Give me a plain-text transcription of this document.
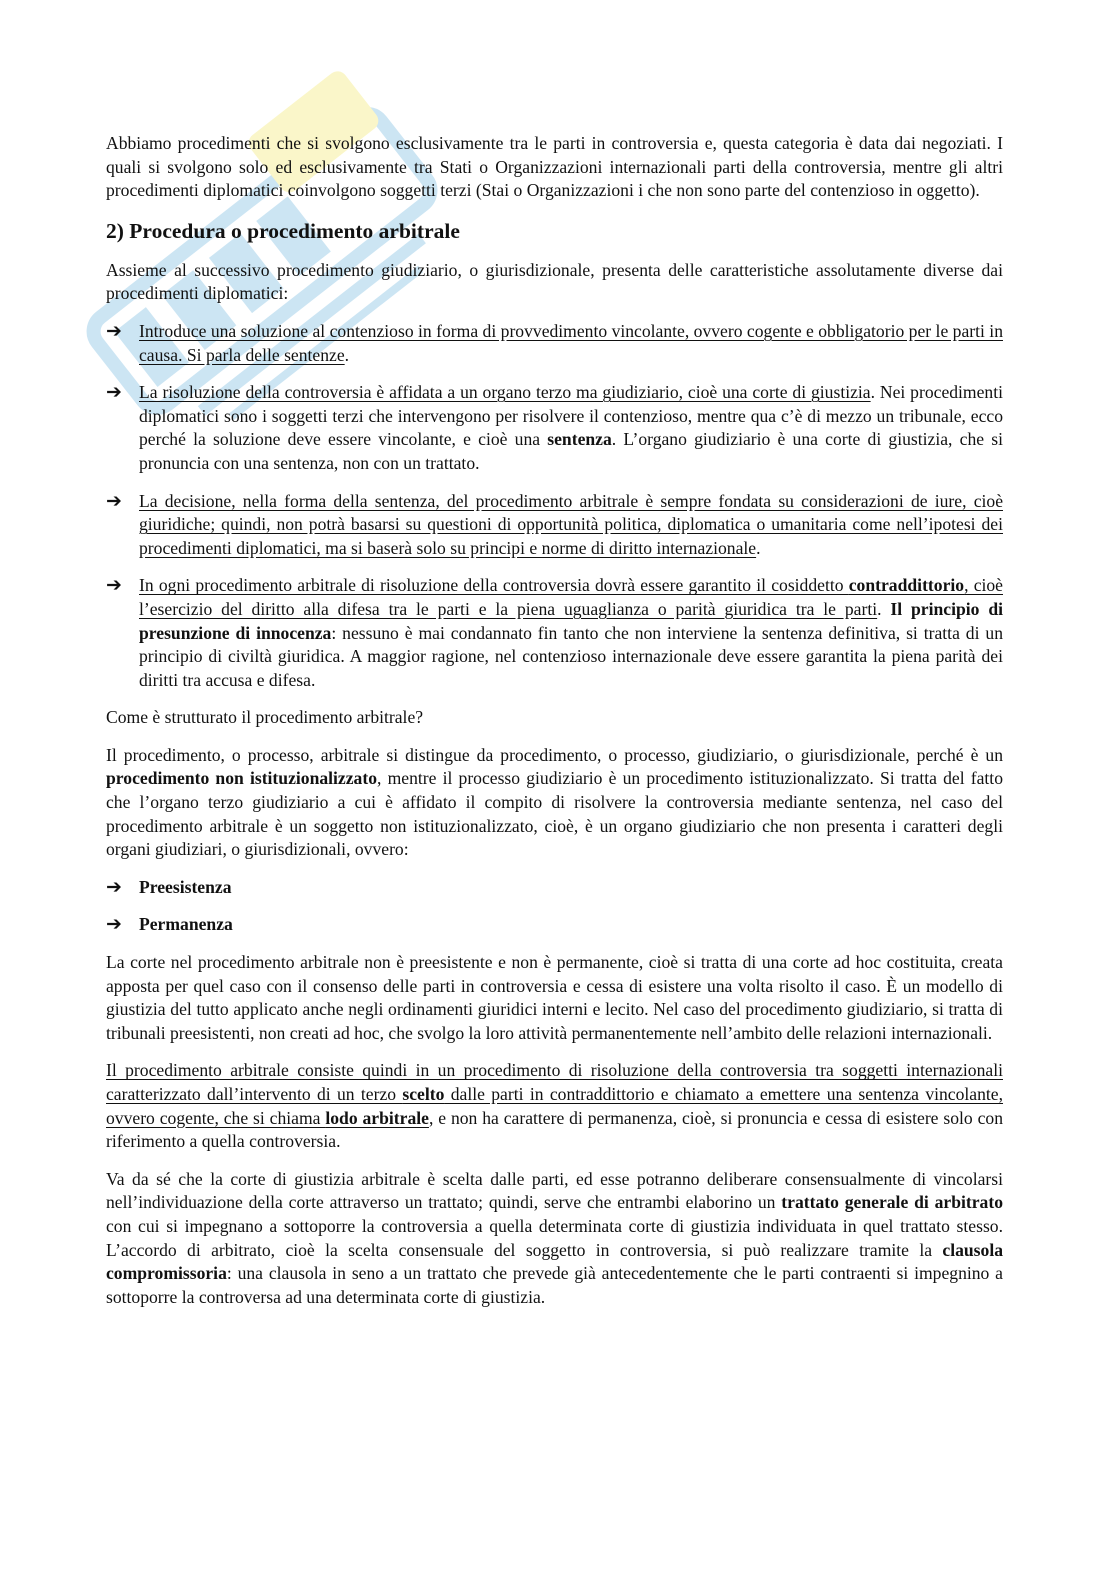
Abbiamo procedimenti che si svolgono esclusivamente tra le parti in controversia e, questa categoria è data dai negoziati. I quali si svolgono solo ed esclusivamente tra Stati o Organizzazioni internazionali parti della controversia, mentre gli altri procedimenti diplomatici coinvolgono soggetti terzi (Stai o Organizzazioni i che non sono parte del contenzioso in oggetto).

2) Procedura o procedimento arbitrale

Assieme al successivo procedimento giudiziario, o giurisdizionale, presenta delle caratteristiche assolutamente diverse dai procedimenti diplomatici:

➔ Introduce una soluzione al contenzioso in forma di provvedimento vincolante, ovvero cogente e obbligatorio per le parti in causa. Si parla delle sentenze.
➔ La risoluzione della controversia è affidata a un organo terzo ma giudiziario, cioè una corte di giustizia. Nei procedimenti diplomatici sono i soggetti terzi che intervengono per risolvere il contenzioso, mentre qua c’è di mezzo un tribunale, ecco perché la soluzione deve essere vincolante, e cioè una sentenza. L’organo giudiziario è una corte di giustizia, che si pronuncia con una sentenza, non con un trattato.
➔ La decisione, nella forma della sentenza, del procedimento arbitrale è sempre fondata su considerazioni de iure, cioè giuridiche; quindi, non potrà basarsi su questioni di opportunità politica, diplomatica o umanitaria come nell’ipotesi dei procedimenti diplomatici, ma si baserà solo su principi e norme di diritto internazionale.
➔ In ogni procedimento arbitrale di risoluzione della controversia dovrà essere garantito il cosiddetto contraddittorio, cioè l’esercizio del diritto alla difesa tra le parti e la piena uguaglianza o parità giuridica tra le parti. Il principio di presunzione di innocenza: nessuno è mai condannato fin tanto che non interviene la sentenza definitiva, si tratta di un principio di civiltà giuridica. A maggior ragione, nel contenzioso internazionale deve essere garantita la piena parità dei diritti tra accusa e difesa.

Come è strutturato il procedimento arbitrale?

Il procedimento, o processo, arbitrale si distingue da procedimento, o processo, giudiziario, o giurisdizionale, perché è un procedimento non istituzionalizzato, mentre il processo giudiziario è un procedimento istituzionalizzato. Si tratta del fatto che l’organo terzo giudiziario a cui è affidato il compito di risolvere la controversia mediante sentenza, nel caso del procedimento arbitrale è un soggetto non istituzionalizzato, cioè, è un organo giudiziario che non presenta i caratteri degli organi giudiziari, o giurisdizionali, ovvero:

➔ Preesistenza
➔ Permanenza

La corte nel procedimento arbitrale non è preesistente e non è permanente, cioè si tratta di una corte ad hoc costituita, creata apposta per quel caso con il consenso delle parti in controversia e cessa di esistere una volta risolto il caso. È un modello di giustizia del tutto applicato anche negli ordinamenti giuridici interni e lecito. Nel caso del procedimento giudiziario, si tratta di tribunali preesistenti, non creati ad hoc, che svolgo la loro attività permanentemente nell’ambito delle relazioni internazionali.

Il procedimento arbitrale consiste quindi in un procedimento di risoluzione della controversia tra soggetti internazionali caratterizzato dall’intervento di un terzo scelto dalle parti in contraddittorio e chiamato a emettere una sentenza vincolante, ovvero cogente, che si chiama lodo arbitrale, e non ha carattere di permanenza, cioè, si pronuncia e cessa di esistere solo con riferimento a quella controversia.

Va da sé che la corte di giustizia arbitrale è scelta dalle parti, ed esse potranno deliberare consensualmente di vincolarsi nell’individuazione della corte attraverso un trattato; quindi, serve che entrambi elaborino un trattato generale di arbitrato con cui si impegnano a sottoporre la controversia a quella determinata corte di giustizia individuata in quel trattato stesso. L’accordo di arbitrato, cioè la scelta consensuale del soggetto in controversia, si può realizzare tramite la clausola compromissoria: una clausola in seno a un trattato che prevede già antecedentemente che le parti contraenti si impegnino a sottoporre la controversa ad una determinata corte di giustizia.
